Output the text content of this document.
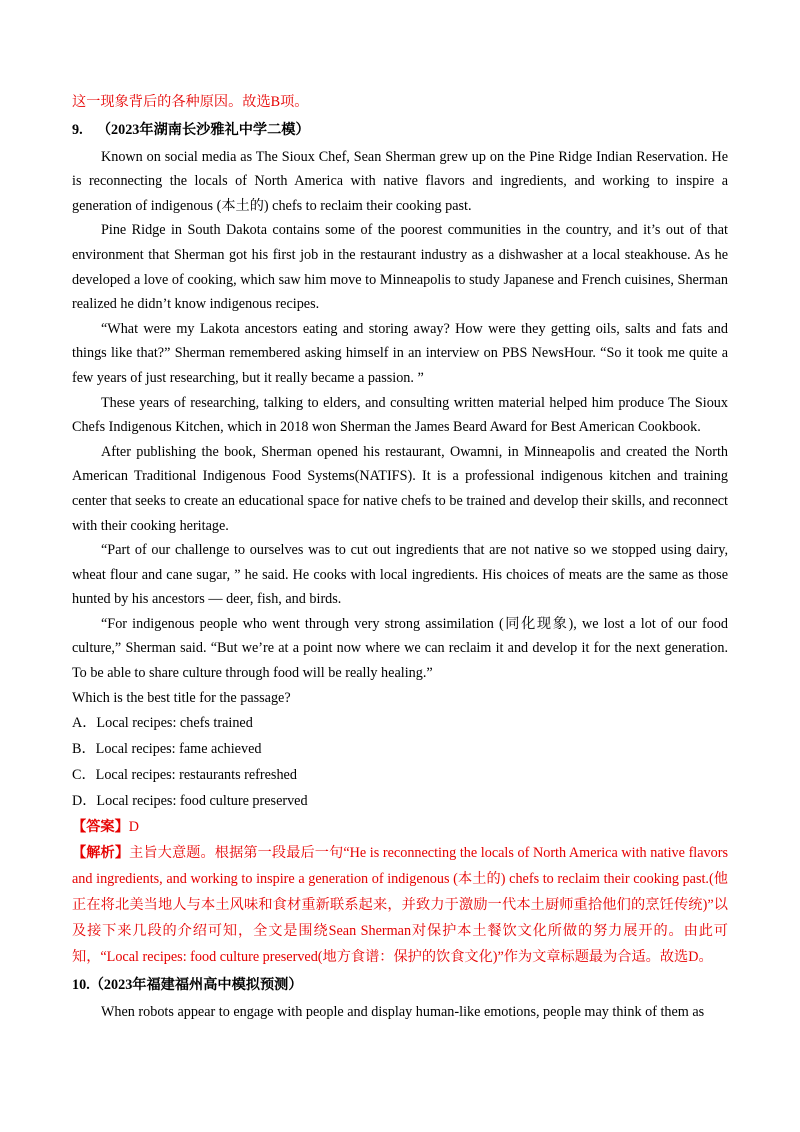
这一现象背后的各种原因。故选B项。

9. （2023年湖南长沙雅礼中学二模）

Known on social media as The Sioux Chef, Sean Sherman grew up on the Pine Ridge Indian Reservation. He is reconnecting the locals of North America with native flavors and ingredients, and working to inspire a generation of indigenous (本土的) chefs to reclaim their cooking past.

Pine Ridge in South Dakota contains some of the poorest communities in the country, and it’s out of that environment that Sherman got his first job in the restaurant industry as a dishwasher at a local steakhouse. As he developed a love of cooking, which saw him move to Minneapolis to study Japanese and French cuisines, Sherman realized he didn’t know indigenous recipes.

“What were my Lakota ancestors eating and storing away? How were they getting oils, salts and fats and things like that?” Sherman remembered asking himself in an interview on PBS NewsHour. “So it took me quite a few years of just researching, but it really became a passion. ”

These years of researching, talking to elders, and consulting written material helped him produce The Sioux Chefs Indigenous Kitchen, which in 2018 won Sherman the James Beard Award for Best American Cookbook.

After publishing the book, Sherman opened his restaurant, Owamni, in Minneapolis and created the North American Traditional Indigenous Food Systems(NATIFS). It is a professional indigenous kitchen and training center that seeks to create an educational space for native chefs to be trained and develop their skills, and reconnect with their cooking heritage.

“Part of our challenge to ourselves was to cut out ingredients that are not native so we stopped using dairy, wheat flour and cane sugar, ” he said. He cooks with local ingredients. His choices of meats are the same as those hunted by his ancestors — deer, fish, and birds.

“For indigenous people who went through very strong assimilation (同化现象), we lost a lot of our food culture,” Sherman said. “But we’re at a point now where we can reclaim it and develop it for the next generation. To be able to share culture through food will be really healing.”

Which is the best title for the passage?

A．Local recipes: chefs trained

B．Local recipes: fame achieved

C．Local recipes: restaurants refreshed

D．Local recipes: food culture preserved

【答案】D

【解析】主旨大意题。根据第一段最后一句“He is reconnecting the locals of North America with native flavors and ingredients, and working to inspire a generation of indigenous (本土的) chefs to reclaim their cooking past.(他正在将北美当地人与本土风味和食材重新联系起来，并致力于激励一代本土厨师重拾他们的烹饪传统)”以及接下来几段的介绍可知，全文是围绕Sean Sherman对保护本土餐饮文化所做的努力展开的。由此可知，“Local recipes: food culture preserved(地方食谱：保护的饮食文化)”作为文章标题最为合适。故选D。

10.（2023年福建福州高中模拟预测）

When robots appear to engage with people and display human-like emotions, people may think of them as
